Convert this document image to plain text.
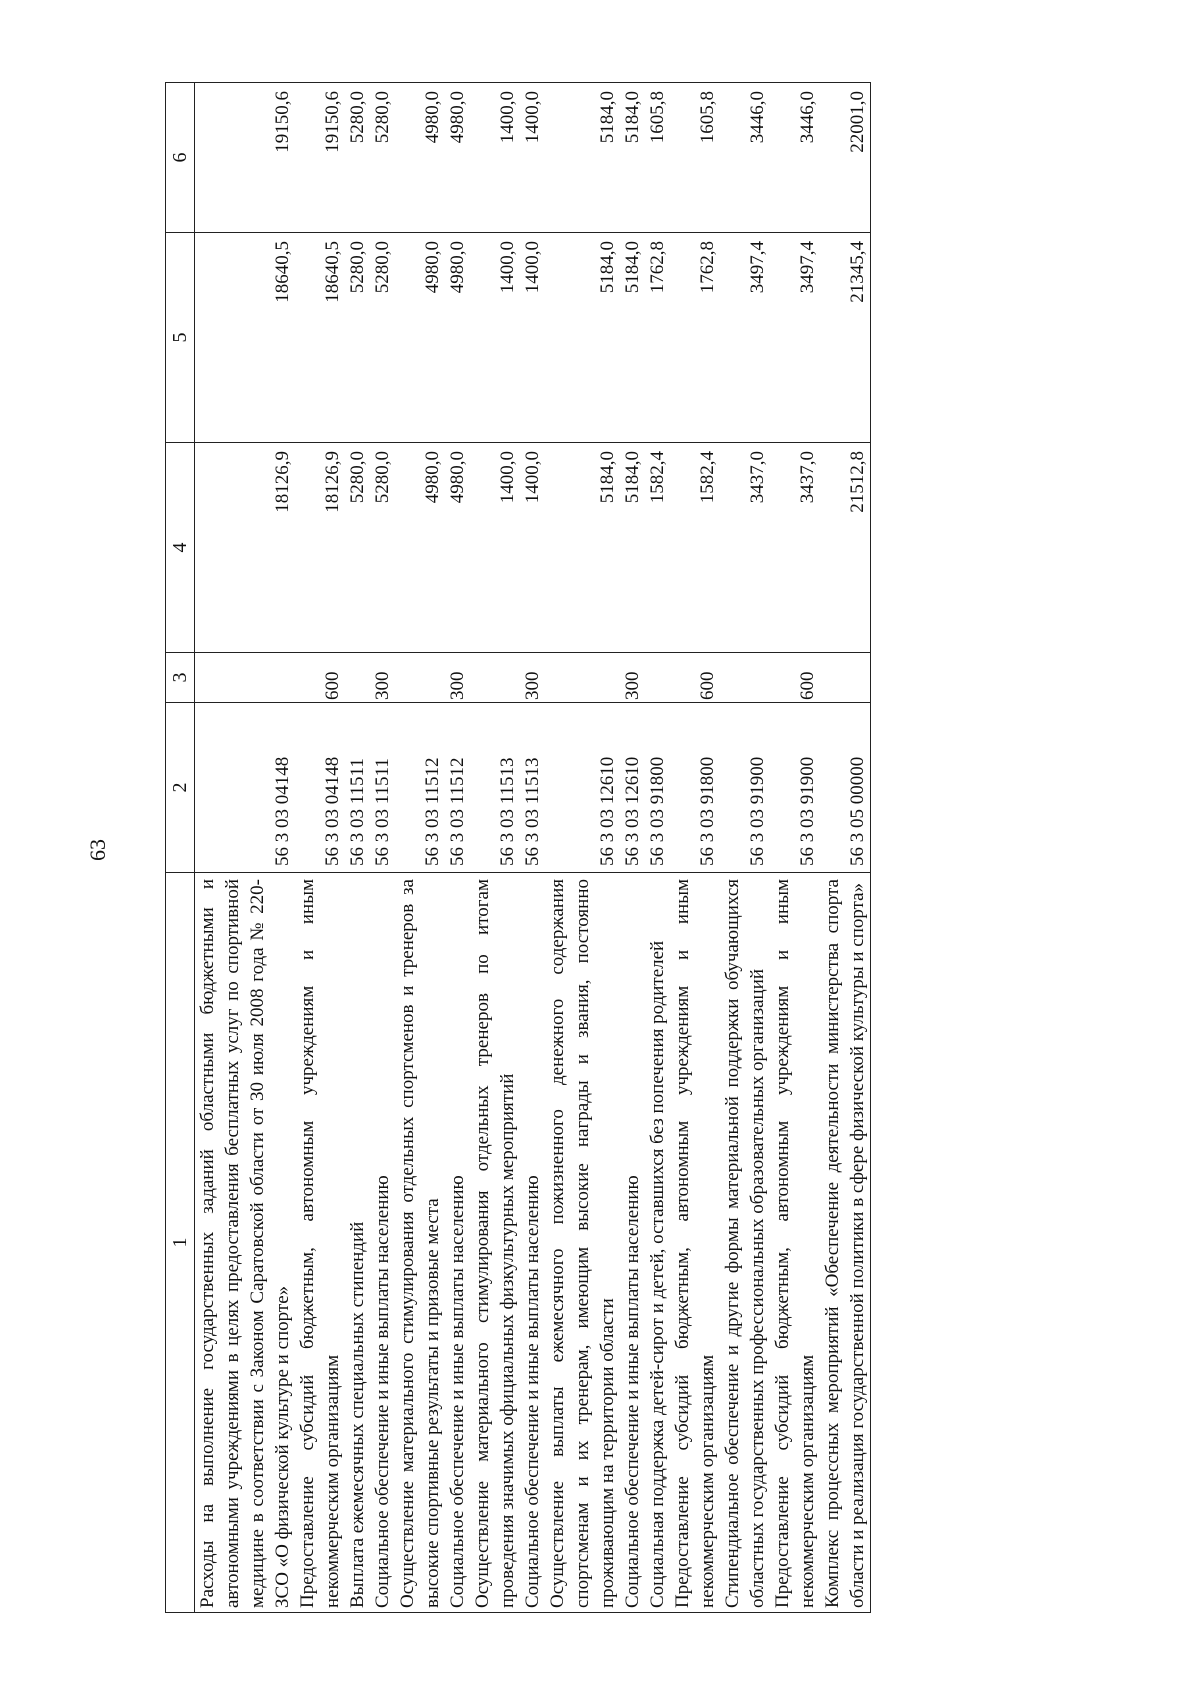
63
1	2	3	4	5	6
Расходы на выполнение государственных заданий областными бюджетными и автономными учреждениями в целях предоставления бесплатных услуг по спортивной медицине в соответствии с Законом Саратовской области от 30 июля 2008 года № 220-ЗСО «О физической культуре и спорте»	56 3 03 04148		18126,9	18640,5	19150,6
Предоставление субсидий бюджетным, автономным учреждениям и иным некоммерческим организациям	56 3 03 04148	600	18126,9	18640,5	19150,6
Выплата ежемесячных специальных стипендий	56 3 03 11511		5280,0	5280,0	5280,0
Социальное обеспечение и иные выплаты населению	56 3 03 11511	300	5280,0	5280,0	5280,0
Осуществление материального стимулирования отдельных спортсменов и тренеров за высокие спортивные результаты и призовые места	56 3 03 11512		4980,0	4980,0	4980,0
Социальное обеспечение и иные выплаты населению	56 3 03 11512	300	4980,0	4980,0	4980,0
Осуществление материального стимулирования отдельных тренеров по итогам проведения значимых официальных физкультурных мероприятий	56 3 03 11513		1400,0	1400,0	1400,0
Социальное обеспечение и иные выплаты населению	56 3 03 11513	300	1400,0	1400,0	1400,0
Осуществление выплаты ежемесячного пожизненного денежного содержания спортсменам и их тренерам, имеющим высокие награды и звания, постоянно проживающим на территории области	56 3 03 12610		5184,0	5184,0	5184,0
Социальное обеспечение и иные выплаты населению	56 3 03 12610	300	5184,0	5184,0	5184,0
Социальная поддержка детей-сирот и детей, оставшихся без попечения родителей	56 3 03 91800		1582,4	1762,8	1605,8
Предоставление субсидий бюджетным, автономным учреждениям и иным некоммерческим организациям	56 3 03 91800	600	1582,4	1762,8	1605,8
Стипендиальное обеспечение и другие формы материальной поддержки обучающихся областных государственных профессиональных образовательных организаций	56 3 03 91900		3437,0	3497,4	3446,0
Предоставление субсидий бюджетным, автономным учреждениям и иным некоммерческим организациям	56 3 03 91900	600	3437,0	3497,4	3446,0
Комплекс процессных мероприятий «Обеспечение деятельности министерства спорта области и реализация государственной политики в сфере физической культуры и спорта»	56 3 05 00000		21512,8	21345,4	22001,0
